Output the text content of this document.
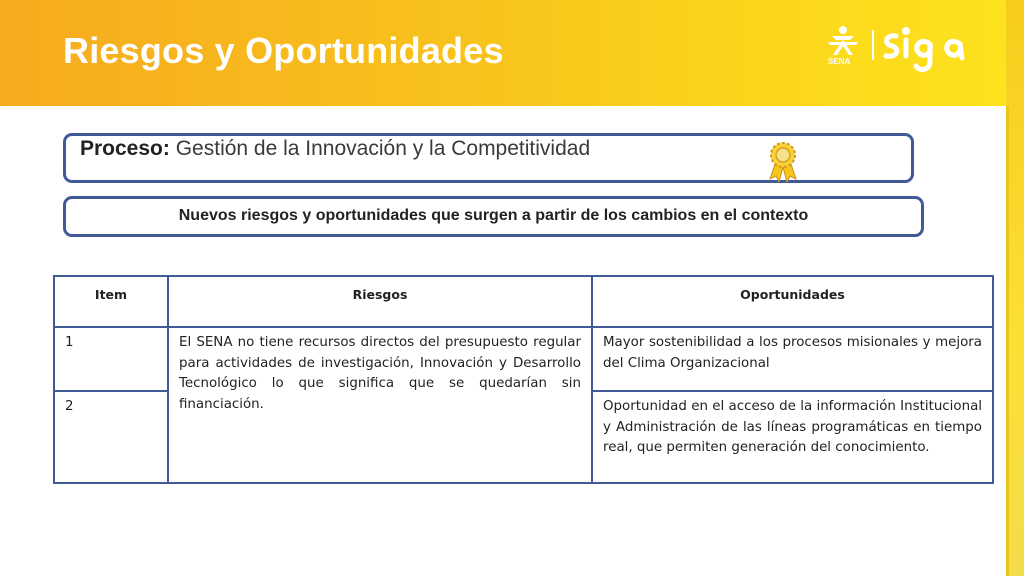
Riesgos y Oportunidades	SENA
Proceso: Gestión de la Innovación y la Competitividad
Nuevos riesgos y oportunidades que surgen a partir de los cambios en el contexto
Item	Riesgos	Oportunidades
1	El SENA no tiene recursos directos del presupuesto regular para actividades de investigación, Innovación y Desarrollo Tecnológico lo que significa que se quedarían sin financiación.	Mayor sostenibilidad a los procesos misionales y mejora del Clima Organizacional
2		Oportunidad en el acceso de la información Institucional y Administración de las líneas programáticas en tiempo real, que permiten generación del conocimiento.
